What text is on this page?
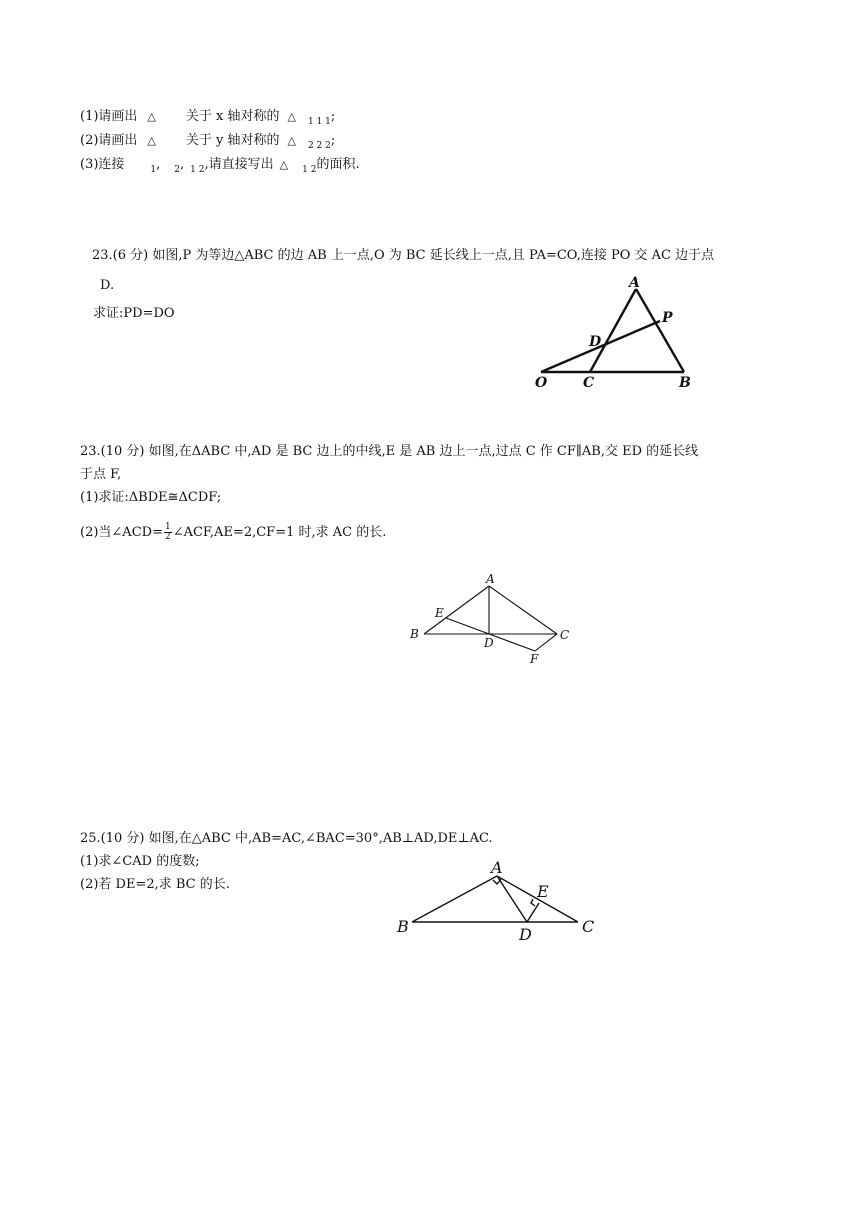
(1)请画出 △ 关于 x 轴对称的 △ $_{1 1 1}$;
(2)请画出 △ 关于 y 轴对称的 △ $_{2 2 2}$;
(3)连接	$_1$, $_2$, $_{1 2}$,请直接写出 △ $_{1 2}$的面积.
23.(6 分) 如图,P 为等边△ABC 的边 AB 上一点,O 为 BC 延长线上一点,且 PA=CO,连接 PO 交 AC 边于点
D.
求证:PD=DO
A
P
D
O	C	B
23.(10 分) 如图,在ΔABC 中,AD 是 BC 边上的中线,E 是 AB 边上一点,过点 C 作 CF∥AB,交 ED 的延长线
于点 F,
(1)求证:ΔBDE≅ΔCDF;
(2)当∠ACD= $\frac{1}{2}$ ∠ACF,AE=2,CF=1 时,求 AC 的长.
A
E
B
D
C
F
25.(10 分) 如图,在△ABC 中,AB=AC,∠BAC=30°,AB⊥AD,DE⊥AC.
(1)求∠CAD 的度数;
(2)若 DE=2,求 BC 的长.
A
E
B	D	C
